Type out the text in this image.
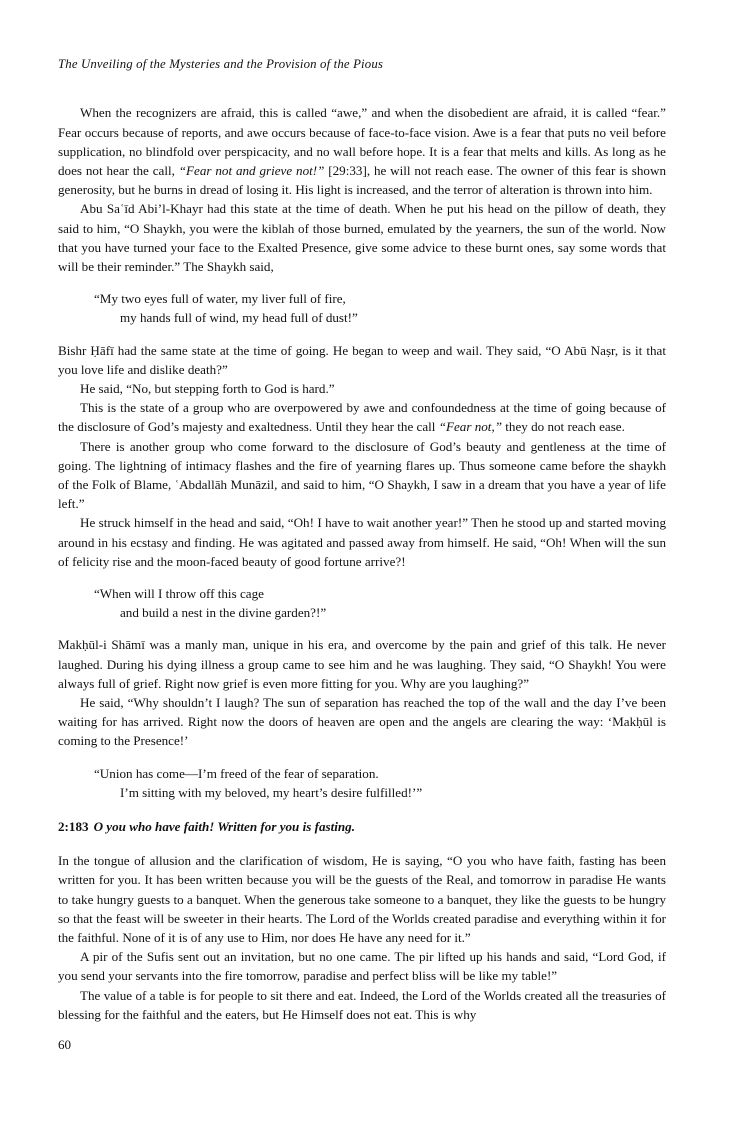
The Unveiling of the Mysteries and the Provision of the Pious

When the recognizers are afraid, this is called “awe,” and when the disobedient are afraid, it is called “fear.” Fear occurs because of reports, and awe occurs because of face-to-face vision. Awe is a fear that puts no veil before supplication, no blindfold over perspicacity, and no wall before hope. It is a fear that melts and kills. As long as he does not hear the call, “Fear not and grieve not!” [29:33], he will not reach ease. The owner of this fear is shown generosity, but he burns in dread of losing it. His light is increased, and the terror of alteration is thrown into him.

Abu Saʿīd Abi’l-Khayr had this state at the time of death. When he put his head on the pillow of death, they said to him, “O Shaykh, you were the kiblah of those burned, emulated by the yearners, the sun of the world. Now that you have turned your face to the Exalted Presence, give some advice to these burnt ones, say some words that will be their reminder.” The Shaykh said,

“My two eyes full of water, my liver full of fire,
my hands full of wind, my head full of dust!”

Bishr Ḥāfī had the same state at the time of going. He began to weep and wail. They said, “O Abū Naṣr, is it that you love life and dislike death?”

He said, “No, but stepping forth to God is hard.”

This is the state of a group who are overpowered by awe and confoundedness at the time of going because of the disclosure of God’s majesty and exaltedness. Until they hear the call “Fear not,” they do not reach ease.

There is another group who come forward to the disclosure of God’s beauty and gentleness at the time of going. The lightning of intimacy flashes and the fire of yearning flares up. Thus someone came before the shaykh of the Folk of Blame, ʿAbdallāh Munāzil, and said to him, “O Shaykh, I saw in a dream that you have a year of life left.”

He struck himself in the head and said, “Oh! I have to wait another year!” Then he stood up and started moving around in his ecstasy and finding. He was agitated and passed away from himself. He said, “Oh! When will the sun of felicity rise and the moon-faced beauty of good fortune arrive?!

“When will I throw off this cage
and build a nest in the divine garden?!”

Makḥūl-i Shāmī was a manly man, unique in his era, and overcome by the pain and grief of this talk. He never laughed. During his dying illness a group came to see him and he was laughing. They said, “O Shaykh! You were always full of grief. Right now grief is even more fitting for you. Why are you laughing?”

He said, “Why shouldn’t I laugh? The sun of separation has reached the top of the wall and the day I’ve been waiting for has arrived. Right now the doors of heaven are open and the angels are clearing the way: ‘Makḥūl is coming to the Presence!’

“Union has come—I’m freed of the fear of separation.
I’m sitting with my beloved, my heart’s desire fulfilled!’”

2:183 O you who have faith! Written for you is fasting.

In the tongue of allusion and the clarification of wisdom, He is saying, “O you who have faith, fasting has been written for you. It has been written because you will be the guests of the Real, and tomorrow in paradise He wants to take hungry guests to a banquet. When the generous take someone to a banquet, they like the guests to be hungry so that the feast will be sweeter in their hearts. The Lord of the Worlds created paradise and everything within it for the faithful. None of it is of any use to Him, nor does He have any need for it.”

A pir of the Sufis sent out an invitation, but no one came. The pir lifted up his hands and said, “Lord God, if you send your servants into the fire tomorrow, paradise and perfect bliss will be like my table!”

The value of a table is for people to sit there and eat. Indeed, the Lord of the Worlds created all the treasuries of blessing for the faithful and the eaters, but He Himself does not eat. This is why

60
